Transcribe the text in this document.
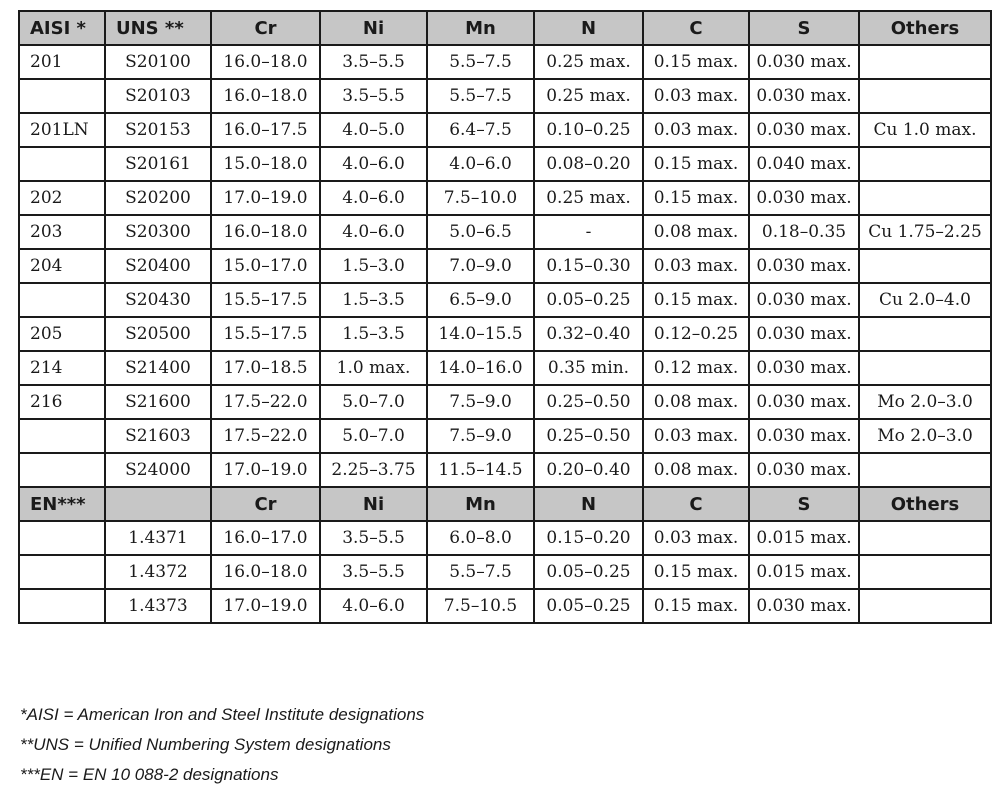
AISI *	UNS **	Cr	Ni	Mn	N	C	S	Others
201	S20100	16.0–18.0	3.5–5.5	5.5–7.5	0.25 max.	0.15 max.	0.030 max.	
	S20103	16.0–18.0	3.5–5.5	5.5–7.5	0.25 max.	0.03 max.	0.030 max.	
201LN	S20153	16.0–17.5	4.0–5.0	6.4–7.5	0.10–0.25	0.03 max.	0.030 max.	Cu 1.0 max.
	S20161	15.0–18.0	4.0–6.0	4.0–6.0	0.08–0.20	0.15 max.	0.040 max.	
202	S20200	17.0–19.0	4.0–6.0	7.5–10.0	0.25 max.	0.15 max.	0.030 max.	
203	S20300	16.0–18.0	4.0–6.0	5.0–6.5	-	0.08 max.	0.18–0.35	Cu 1.75–2.25
204	S20400	15.0–17.0	1.5–3.0	7.0–9.0	0.15–0.30	0.03 max.	0.030 max.	
	S20430	15.5–17.5	1.5–3.5	6.5–9.0	0.05–0.25	0.15 max.	0.030 max.	Cu 2.0–4.0
205	S20500	15.5–17.5	1.5–3.5	14.0–15.5	0.32–0.40	0.12–0.25	0.030 max.	
214	S21400	17.0–18.5	1.0 max.	14.0–16.0	0.35 min.	0.12 max.	0.030 max.	
216	S21600	17.5–22.0	5.0–7.0	7.5–9.0	0.25–0.50	0.08 max.	0.030 max.	Mo 2.0–3.0
	S21603	17.5–22.0	5.0–7.0	7.5–9.0	0.25–0.50	0.03 max.	0.030 max.	Mo 2.0–3.0
	S24000	17.0–19.0	2.25–3.75	11.5–14.5	0.20–0.40	0.08 max.	0.030 max.	
EN***		Cr	Ni	Mn	N	C	S	Others
	1.4371	16.0–17.0	3.5–5.5	6.0–8.0	0.15–0.20	0.03 max.	0.015 max.	
	1.4372	16.0–18.0	3.5–5.5	5.5–7.5	0.05–0.25	0.15 max.	0.015 max.	
	1.4373	17.0–19.0	4.0–6.0	7.5–10.5	0.05–0.25	0.15 max.	0.030 max.	
*AISI = American Iron and Steel Institute designations
**UNS = Unified Numbering System designations
***EN = EN 10 088-2 designations
